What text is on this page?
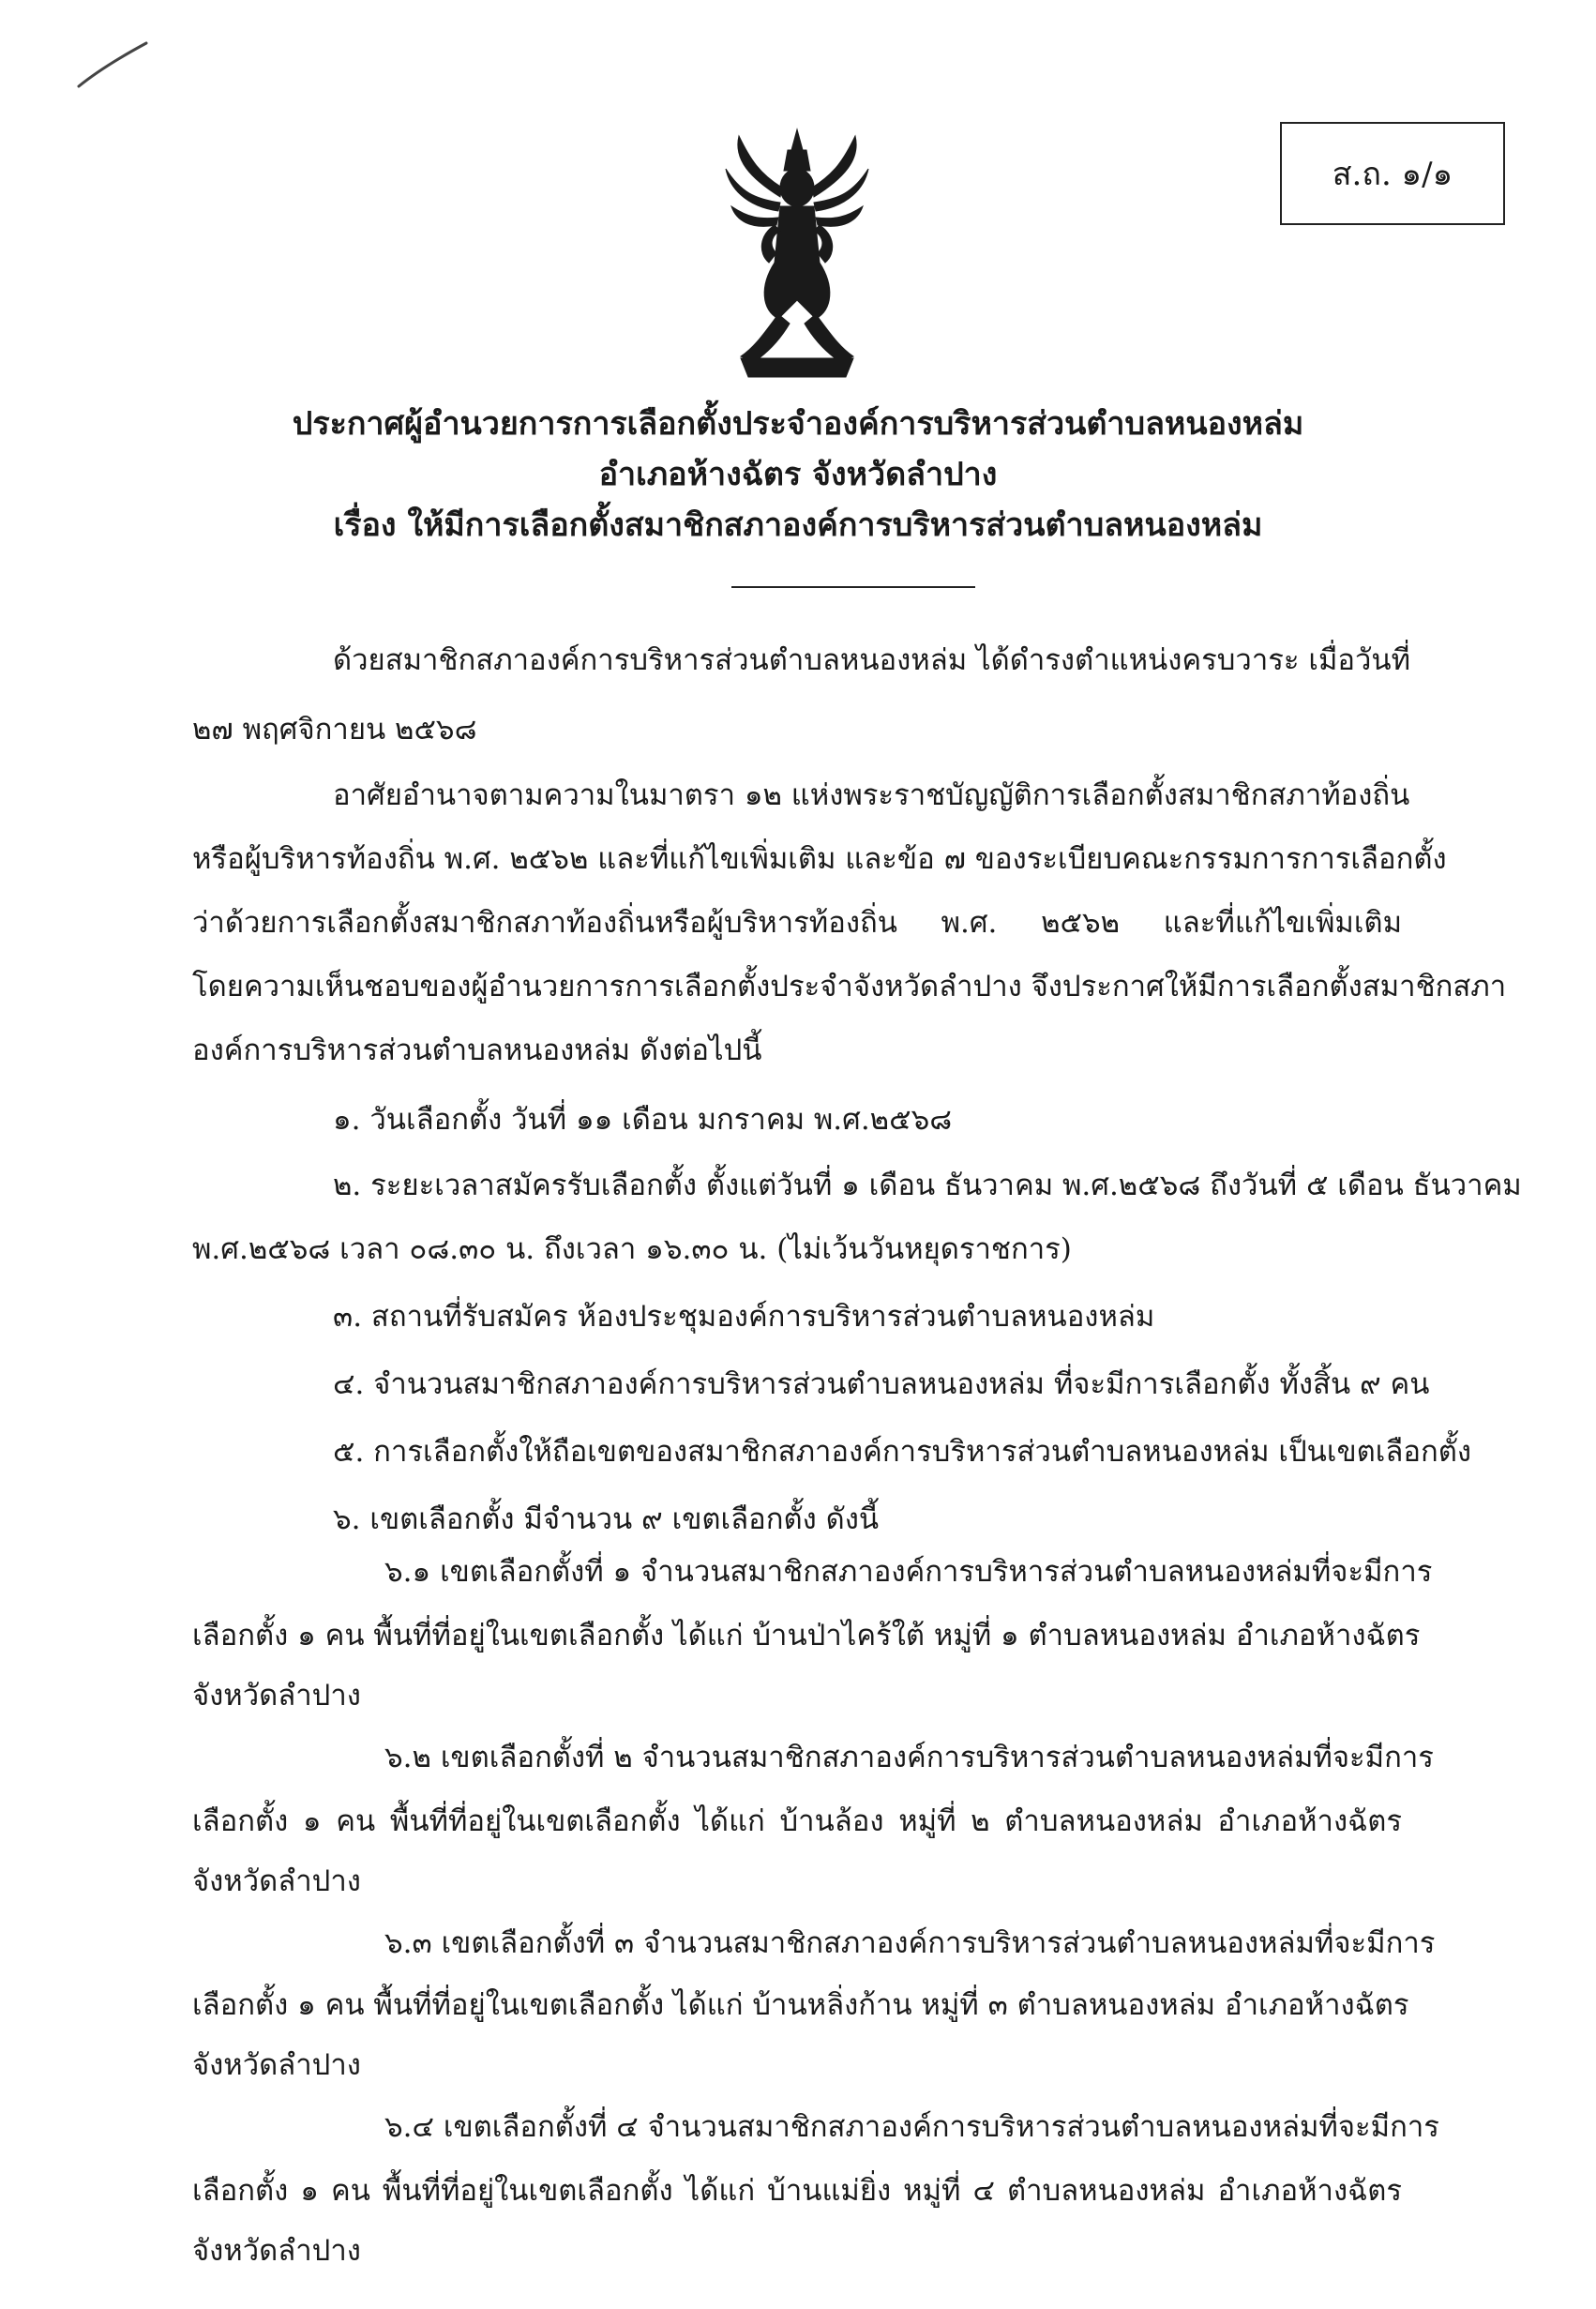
ส.ถ. ๑/๑
ประกาศผู้อำนวยการการเลือกตั้งประจำองค์การบริหารส่วนตำบลหนองหล่ม
อำเภอห้างฉัตร จังหวัดลำปาง
เรื่อง ให้มีการเลือกตั้งสมาชิกสภาองค์การบริหารส่วนตำบลหนองหล่ม
ด้วยสมาชิกสภาองค์การบริหารส่วนตำบลหนองหล่ม ได้ดำรงตำแหน่งครบวาระ เมื่อวันที่
๒๗ พฤศจิกายน ๒๕๖๘
อาศัยอำนาจตามความในมาตรา ๑๒ แห่งพระราชบัญญัติการเลือกตั้งสมาชิกสภาท้องถิ่น
หรือผู้บริหารท้องถิ่น พ.ศ. ๒๕๖๒ และที่แก้ไขเพิ่มเติม และข้อ ๗ ของระเบียบคณะกรรมการการเลือกตั้ง
ว่าด้วยการเลือกตั้งสมาชิกสภาท้องถิ่นหรือผู้บริหารท้องถิ่น พ.ศ. ๒๕๖๒ และที่แก้ไขเพิ่มเติม
โดยความเห็นชอบของผู้อำนวยการการเลือกตั้งประจำจังหวัดลำปาง จึงประกาศให้มีการเลือกตั้งสมาชิกสภา
องค์การบริหารส่วนตำบลหนองหล่ม ดังต่อไปนี้
๑. วันเลือกตั้ง วันที่ ๑๑ เดือน มกราคม พ.ศ.๒๕๖๘
๒. ระยะเวลาสมัครรับเลือกตั้ง ตั้งแต่วันที่ ๑ เดือน ธันวาคม พ.ศ.๒๕๖๘ ถึงวันที่ ๕ เดือน ธันวาคม
พ.ศ.๒๕๖๘ เวลา ๐๘.๓๐ น. ถึงเวลา ๑๖.๓๐ น. (ไม่เว้นวันหยุดราชการ)
๓. สถานที่รับสมัคร ห้องประชุมองค์การบริหารส่วนตำบลหนองหล่ม
๔. จำนวนสมาชิกสภาองค์การบริหารส่วนตำบลหนองหล่ม ที่จะมีการเลือกตั้ง ทั้งสิ้น ๙ คน
๕. การเลือกตั้งให้ถือเขตของสมาชิกสภาองค์การบริหารส่วนตำบลหนองหล่ม เป็นเขตเลือกตั้ง
๖. เขตเลือกตั้ง มีจำนวน ๙ เขตเลือกตั้ง ดังนี้
๖.๑ เขตเลือกตั้งที่ ๑ จำนวนสมาชิกสภาองค์การบริหารส่วนตำบลหนองหล่มที่จะมีการ
เลือกตั้ง ๑ คน พื้นที่ที่อยู่ในเขตเลือกตั้ง ได้แก่ บ้านป่าไคร้ใต้ หมู่ที่ ๑ ตำบลหนองหล่ม อำเภอห้างฉัตร
จังหวัดลำปาง
๖.๒ เขตเลือกตั้งที่ ๒ จำนวนสมาชิกสภาองค์การบริหารส่วนตำบลหนองหล่มที่จะมีการ
เลือกตั้ง ๑ คน พื้นที่ที่อยู่ในเขตเลือกตั้ง ได้แก่ บ้านล้อง หมู่ที่ ๒ ตำบลหนองหล่ม อำเภอห้างฉัตร
จังหวัดลำปาง
๖.๓ เขตเลือกตั้งที่ ๓ จำนวนสมาชิกสภาองค์การบริหารส่วนตำบลหนองหล่มที่จะมีการ
เลือกตั้ง ๑ คน พื้นที่ที่อยู่ในเขตเลือกตั้ง ได้แก่ บ้านหลิ่งก้าน หมู่ที่ ๓ ตำบลหนองหล่ม อำเภอห้างฉัตร
จังหวัดลำปาง
๖.๔ เขตเลือกตั้งที่ ๔ จำนวนสมาชิกสภาองค์การบริหารส่วนตำบลหนองหล่มที่จะมีการ
เลือกตั้ง ๑ คน พื้นที่ที่อยู่ในเขตเลือกตั้ง ได้แก่ บ้านแม่ยิ่ง หมู่ที่ ๔ ตำบลหนองหล่ม อำเภอห้างฉัตร
จังหวัดลำปาง
